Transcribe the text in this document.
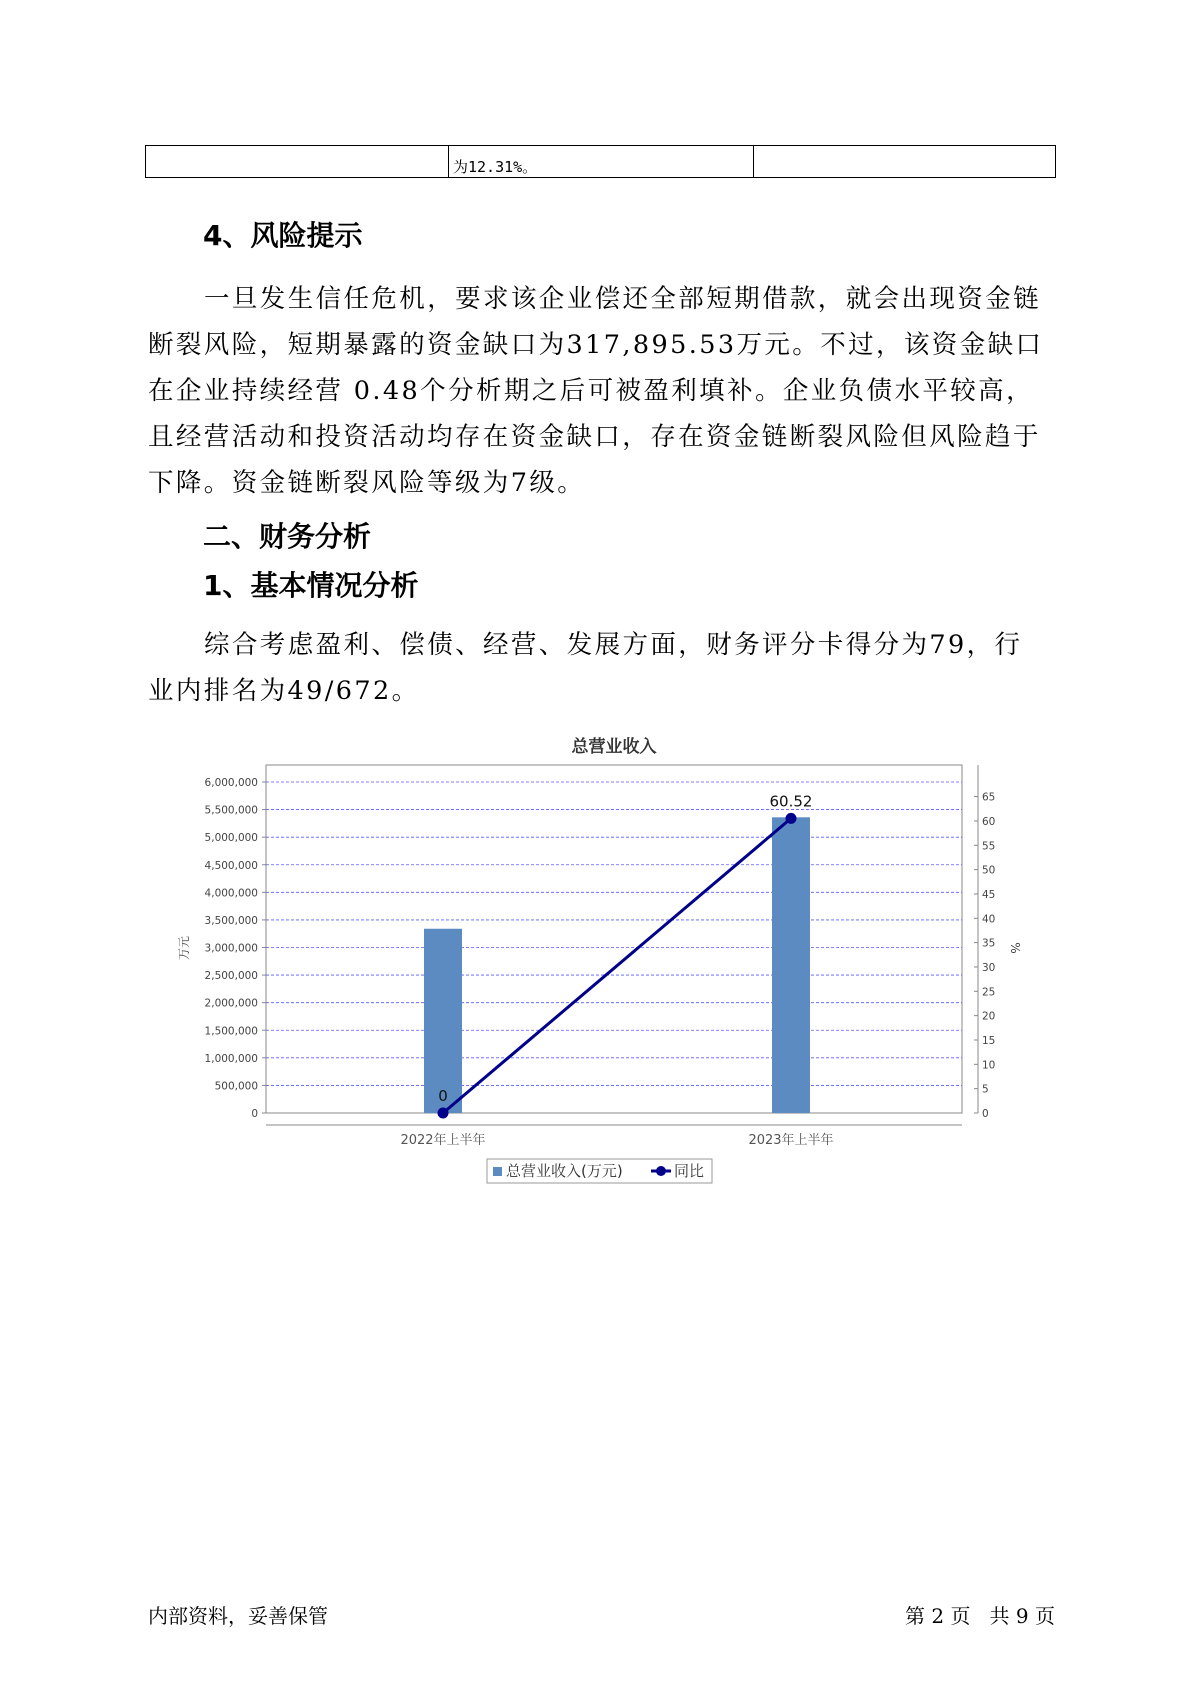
	为12.31%。	
4、风险提示

一旦发生信任危机，要求该企业偿还全部短期借款，就会出现资金链断裂风险，短期暴露的资金缺口为317,895.53万元。不过，该资金缺口在企业持续经营 0.48个分析期之后可被盈利填补。企业负债水平较高，且经营活动和投资活动均存在资金缺口，存在资金链断裂风险但风险趋于下降。资金链断裂风险等级为7级。

二、财务分析
1、基本情况分析

综合考虑盈利、偿债、经营、发展方面，财务评分卡得分为79，行业内排名为49/672。

总营业收入
0
500,000
1,000,000
1,500,000
2,000,000
2,500,000
3,000,000
3,500,000
4,000,000
4,500,000
5,000,000
5,500,000
6,000,000
0
5
10
15
20
25
30
35
40
45
50
55
60
65
万元	%
2022年上半年	2023年上半年
0
60.52
总营业收入(万元)	同比
内部资料，妥善保管	第 2 页 共 9 页
